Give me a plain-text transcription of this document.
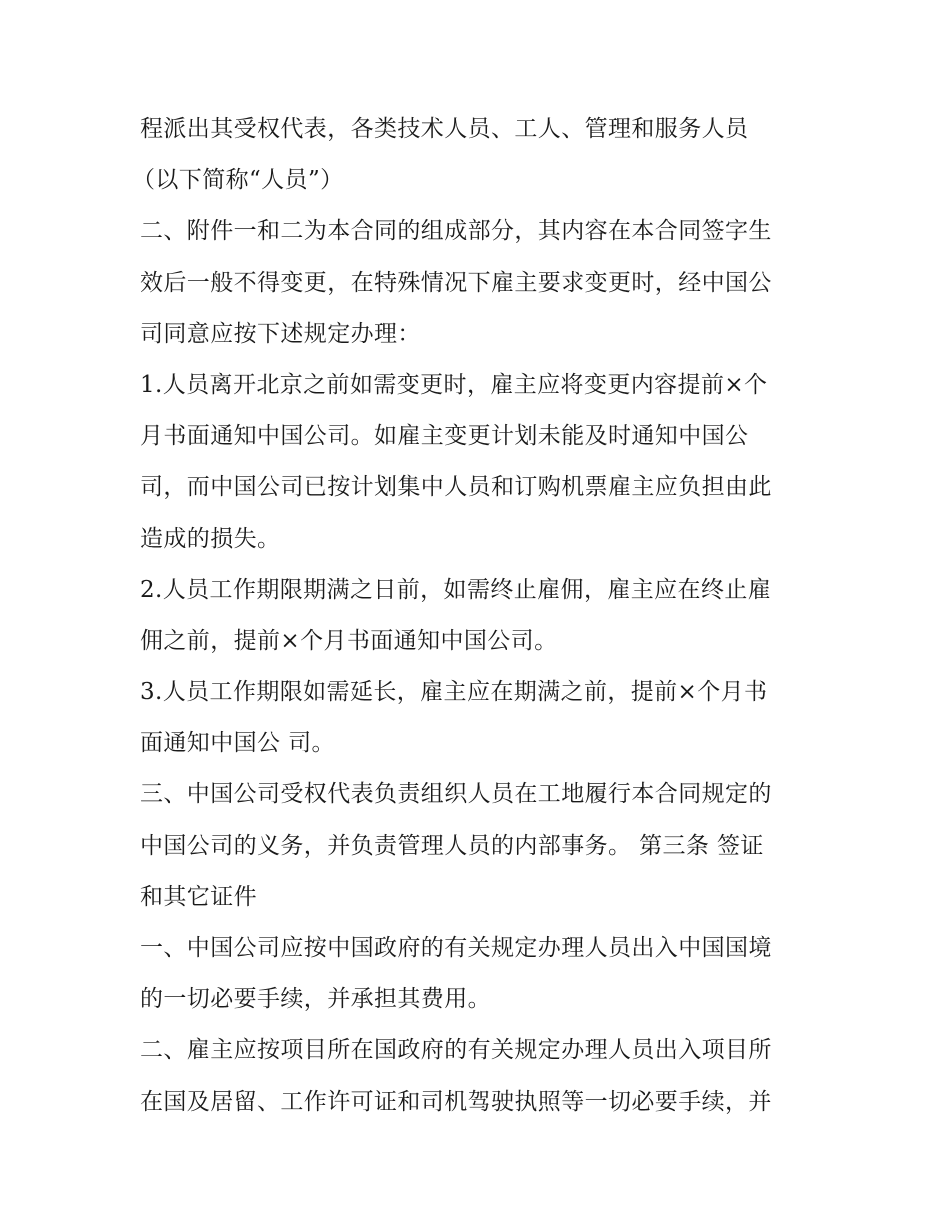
程派出其受权代表，各类技术人员、工人、管理和服务人员
（以下简称“人员”）
二、附件一和二为本合同的组成部分，其内容在本合同签字生
效后一般不得变更，在特殊情况下雇主要求变更时，经中国公
司同意应按下述规定办理：
1.人员离开北京之前如需变更时，雇主应将变更内容提前×个
月书面通知中国公司。如雇主变更计划未能及时通知中国公
司，而中国公司已按计划集中人员和订购机票雇主应负担由此
造成的损失。
2.人员工作期限期满之日前，如需终止雇佣，雇主应在终止雇
佣之前，提前×个月书面通知中国公司。
3.人员工作期限如需延长，雇主应在期满之前，提前×个月书
面通知中国公 司。
三、中国公司受权代表负责组织人员在工地履行本合同规定的
中国公司的义务，并负责管理人员的内部事务。 第三条 签证
和其它证件
一、中国公司应按中国政府的有关规定办理人员出入中国国境
的一切必要手续，并承担其费用。
二、雇主应按项目所在国政府的有关规定办理人员出入项目所
在国及居留、工作许可证和司机驾驶执照等一切必要手续，并
